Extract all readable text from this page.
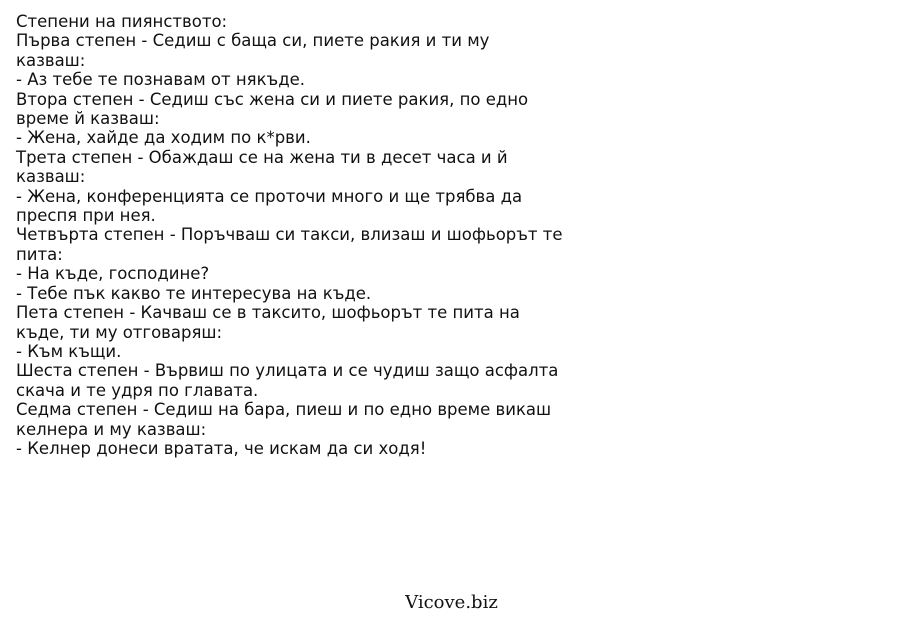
Степени на пиянството:
Първа степен - Седиш с баща си, пиете ракия и ти му
казваш:
- Аз тебе те познавам от някъде.
Втора степен - Седиш със жена си и пиете ракия, по едно
време й казваш:
- Жена, хайде да ходим по к*рви.
Трета степен - Обаждаш се на жена ти в десет часа и й
казваш:
- Жена, конференцията се проточи много и ще трябва да
преспя при нея.
Четвърта степен - Поръчваш си такси, влизаш и шофьорът те
пита:
- На къде, господине?
- Тебе пък какво те интересува на къде.
Пета степен - Качваш се в таксито, шофьорът те пита на
къде, ти му отговаряш:
- Към къщи.
Шеста степен - Вървиш по улицата и се чудиш защо асфалта
скача и те удря по главата.
Седма степен - Седиш на бара, пиеш и по едно време викаш
келнера и му казваш:
- Келнер донеси вратата, че искам да си ходя!
Vicove.biz
